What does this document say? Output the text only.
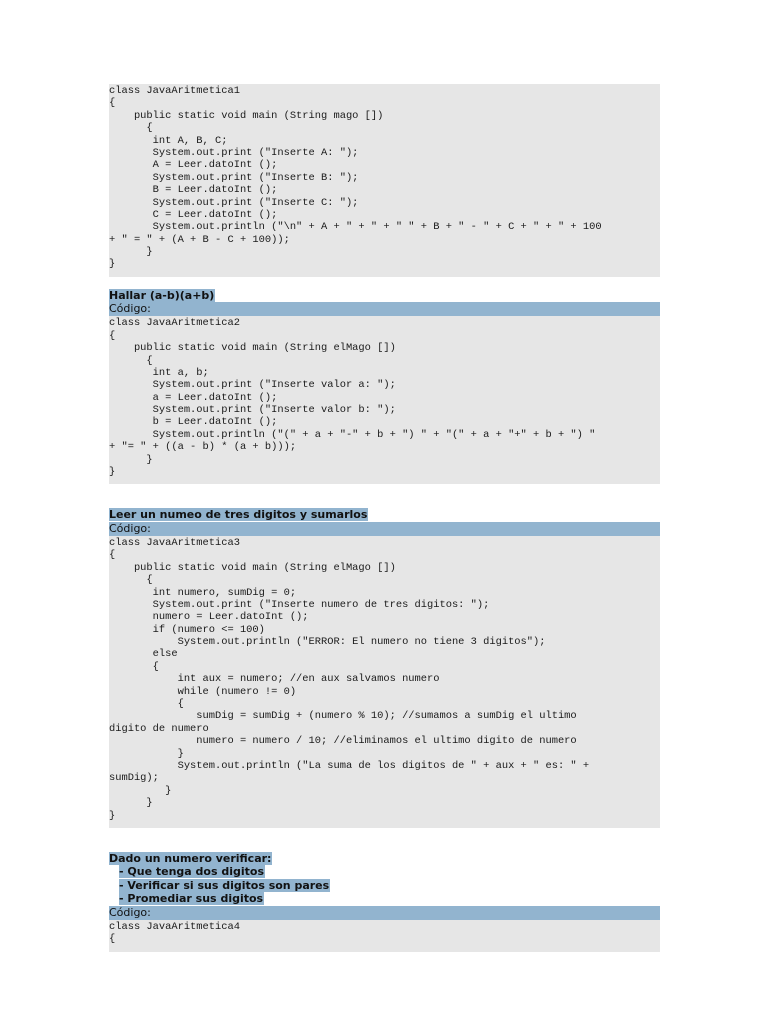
class JavaAritmetica1
{
public static void main (String mago [])
{
int A, B, C;
System.out.print ("Inserte A: ");
A = Leer.datoInt ();
System.out.print ("Inserte B: ");
B = Leer.datoInt ();
System.out.print ("Inserte C: ");
C = Leer.datoInt ();
System.out.println ("\n" + A + " + " + " " + B + " - " + C + " + " + 100
+ " = " + (A + B - C + 100));
}
}
Hallar (a-b)(a+b)
Código:
class JavaAritmetica2
{
public static void main (String elMago [])
{
int a, b;
System.out.print ("Inserte valor a: ");
a = Leer.datoInt ();
System.out.print ("Inserte valor b: ");
b = Leer.datoInt ();
System.out.println ("(" + a + "-" + b + ") " + "(" + a + "+" + b + ") "
+ "= " + ((a - b) * (a + b)));
}
}
Leer un numeo de tres digitos y sumarlos
Código:
class JavaAritmetica3
{
public static void main (String elMago [])
{
int numero, sumDig = 0;
System.out.print ("Inserte numero de tres digitos: ");
numero = Leer.datoInt ();
if (numero <= 100)
System.out.println ("ERROR: El numero no tiene 3 digitos");
else
{
int aux = numero; //en aux salvamos numero
while (numero != 0)
{
sumDig = sumDig + (numero % 10); //sumamos a sumDig el ultimo
digito de numero
numero = numero / 10; //eliminamos el ultimo digito de numero
}
System.out.println ("La suma de los digitos de " + aux + " es: " +
sumDig);
}
}
}
Dado un numero verificar:
- Que tenga dos digitos
- Verificar si sus digitos son pares
- Promediar sus digitos
Código:
class JavaAritmetica4
{
